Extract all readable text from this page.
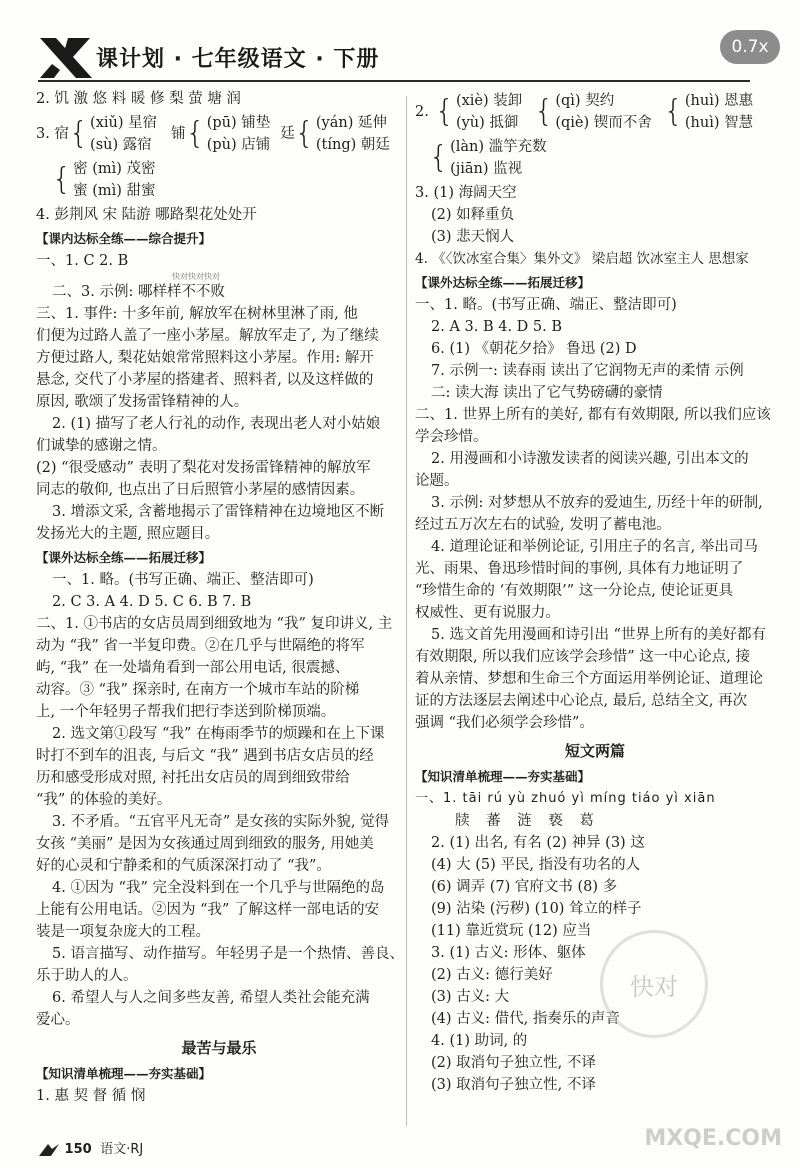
课计划 · 七年级语文 · 下册	0.7x
2. 饥 激 悠 料 暖 修 梨 萤 塘 润
3. 宿 { (xiǔ) 星宿
(sù) 露宿
铺 { (pū) 铺垫
(pù) 店铺
廷 { (yán) 延伸
(tíng) 朝廷
{ 密 (mì) 茂密
蜜 (mì) 甜蜜
4. 彭荆风 宋 陆游 哪路梨花处处开
【课内达标全练——综合提升】
一、1. C 2. B
快对快对快对
二、3. 示例: 哪样样不不败
三、1. 事件: 十多年前, 解放军在树林里淋了雨, 他
们便为过路人盖了一座小茅屋。解放军走了, 为了继续
方便过路人, 梨花姑娘常常照料这小茅屋。作用: 解开
悬念, 交代了小茅屋的搭建者、照料者, 以及这样做的
原因, 歌颂了发扬雷锋精神的人。
2. (1) 描写了老人行礼的动作, 表现出老人对小姑娘
们诚挚的感谢之情。
(2) “很受感动” 表明了梨花对发扬雷锋精神的解放军
同志的敬仰, 也点出了日后照管小茅屋的感情因素。
3. 增添文采, 含蓄地揭示了雷锋精神在边境地区不断
发扬光大的主题, 照应题目。
【课外达标全练——拓展迁移】
一、1. 略。(书写正确、端正、整洁即可)
2. C 3. A 4. D 5. C 6. B 7. B
二、1. ①书店的女店员周到细致地为 “我” 复印讲义, 主
动为 “我” 省一半复印费。②在几乎与世隔绝的将军
屿, “我” 在一处墙角看到一部公用电话, 很震撼、
动容。③ “我” 探亲时, 在南方一个城市车站的阶梯
上, 一个年轻男子帮我们把行李送到阶梯顶端。
2. 选文第①段写 “我” 在梅雨季节的烦躁和在上下课
时打不到车的沮丧, 与后文 “我” 遇到书店女店员的经
历和感受形成对照, 衬托出女店员的周到细致带给
“我” 的体验的美好。
3. 不矛盾。“五官平凡无奇” 是女孩的实际外貌, 觉得
女孩 “美丽” 是因为女孩通过周到细致的服务, 用她美
好的心灵和宁静柔和的气质深深打动了 “我”。
4. ①因为 “我” 完全没料到在一个几乎与世隔绝的岛
上能有公用电话。②因为 “我” 了解这样一部电话的安
装是一项复杂庞大的工程。
5. 语言描写、动作描写。年轻男子是一个热情、善良、
乐于助人的人。
6. 希望人与人之间多些友善, 希望人类社会能充满
爱心。
最苦与最乐
【知识清单梳理——夯实基础】
1. 惠 契 督 循 悯
2. { (xiè) 装卸
(yù) 抵御 { (qì) 契约
(qiè) 锲而不舍 { (huì) 恩惠
(huì) 智慧
{ (làn) 滥竽充数
(jiān) 监视
3. (1) 海阔天空
(2) 如释重负
(3) 悲天悯人
4. 《〈饮冰室合集〉集外文》 梁启超 饮冰室主人 思想家
【课外达标全练——拓展迁移】
一、1. 略。(书写正确、端正、整洁即可)
2. A 3. B 4. D 5. B
6. (1) 《朝花夕拾》 鲁迅 (2) D
7. 示例一: 读春雨 读出了它润物无声的柔情 示例
二: 读大海 读出了它气势磅礴的豪情
二、1. 世界上所有的美好, 都有有效期限, 所以我们应该
学会珍惜。
2. 用漫画和小诗激发读者的阅读兴趣, 引出本文的
论题。
3. 示例: 对梦想从不放弃的爱迪生, 历经十年的研制,
经过五万次左右的试验, 发明了蓄电池。
4. 道理论证和举例论证, 引用庄子的名言, 举出司马
光、雨果、鲁迅珍惜时间的事例, 具体有力地证明了
“珍惜生命的 ‘有效期限’” 这一分论点, 使论证更具
权威性、更有说服力。
5. 选文首先用漫画和诗引出 “世界上所有的美好都有
有效期限, 所以我们应该学会珍惜” 这一中心论点, 接
着从亲情、梦想和生命三个方面运用举例论证、道理论
证的方法逐层去阐述中心论点, 最后, 总结全文, 再次
强调 “我们必须学会珍惜”。
短文两篇
【知识清单梳理——夯实基础】
一、1. tāi rú yù zhuó yì míng tiáo yì xiān
牍 蕃 涟 亵 葛
2. (1) 出名, 有名 (2) 神异 (3) 这
(4) 大 (5) 平民, 指没有功名的人
(6) 调弄 (7) 官府文书 (8) 多
(9) 沾染 (污秽) (10) 耸立的样子
(11) 靠近赏玩 (12) 应当
3. (1) 古义: 形体、躯体
(2) 古义: 德行美好
(3) 古义: 大
(4) 古义: 借代, 指奏乐的声音
4. (1) 助词, 的
(2) 取消句子独立性, 不译
(3) 取消句子独立性, 不译
快对
MXQE.COM
150 语文·RJ
